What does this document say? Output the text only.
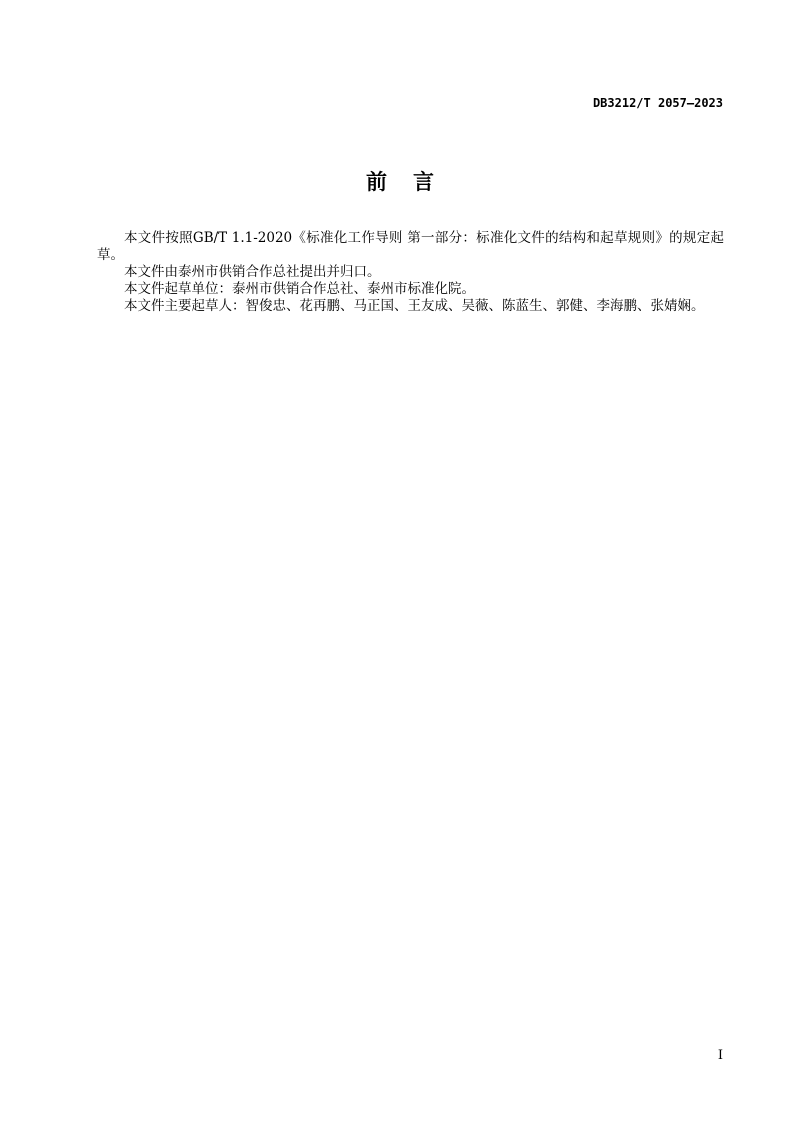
DB3212/T 2057—2023
前言

本文件按照GB/T 1.1-2020《标准化工作导则 第一部分：标准化文件的结构和起草规则》的规定起草。

本文件由泰州市供销合作总社提出并归口。

本文件起草单位：泰州市供销合作总社、泰州市标准化院。

本文件主要起草人：智俊忠、花再鹏、马正国、王友成、吴薇、陈蓝生、郭健、李海鹏、张婧娴。

I
